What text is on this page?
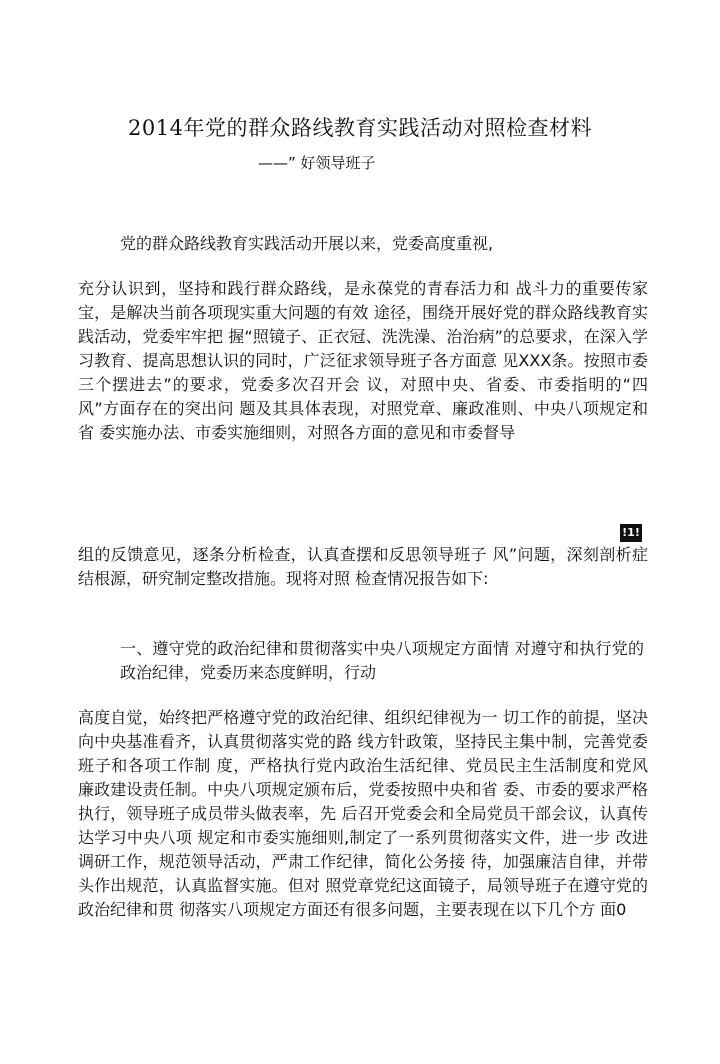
2014年党的群众路线教育实践活动对照检查材料
——” 好领导班子
党的群众路线教育实践活动开展以来，党委高度重视,
充分认识到，坚持和践行群众路线，是永葆党的青春活力和 战斗力的重要传家宝，是解决当前各项现实重大问题的有效 途径，围绕开展好党的群众路线教育实践活动，党委牢牢把 握“照镜子、正衣冠、洗洗澡、治治病”的总要求，在深入学 习教育、提高思想认识的同时，广泛征求领导班子各方面意 见XXX条。按照市委三个摆进去”的要求，党委多次召开会 议，对照中央、省委、市委指明的“四风”方面存在的突出问 题及其具体表现，对照党章、廉政准则、中央八项规定和省 委实施办法、市委实施细则，对照各方面的意见和市委督导
!1!
组的反馈意见，逐条分析检查，认真查摆和反思领导班子 风”问题，深刻剖析症结根源，研究制定整改措施。现将对照 检查情况报告如下:
一、遵守党的政治纪律和贯彻落实中央八项规定方面情 对遵守和执行党的政治纪律，党委历来态度鲜明，行动
高度自觉，始终把严格遵守党的政治纪律、组织纪律视为一 切工作的前提，坚决向中央基准看齐，认真贯彻落实党的路 线方针政策，坚持民主集中制，完善党委班子和各项工作制 度，严格执行党内政治生活纪律、党员民主生活制度和党风 廉政建设责任制。中央八项规定颁布后，党委按照中央和省 委、市委的要求严格执行，领导班子成员带头做表率，先 后召开党委会和全局党员干部会议，认真传达学习中央八项 规定和市委实施细则,制定了一系列贯彻落实文件，进一步 改进调研工作，规范领导活动，严肃工作纪律，简化公务接 待，加强廉洁自律，并带头作出规范，认真监督实施。但对 照党章党纪这面镜子，局领导班子在遵守党的政治纪律和贯 彻落实八项规定方面还有很多问题，主要表现在以下几个方 面0
